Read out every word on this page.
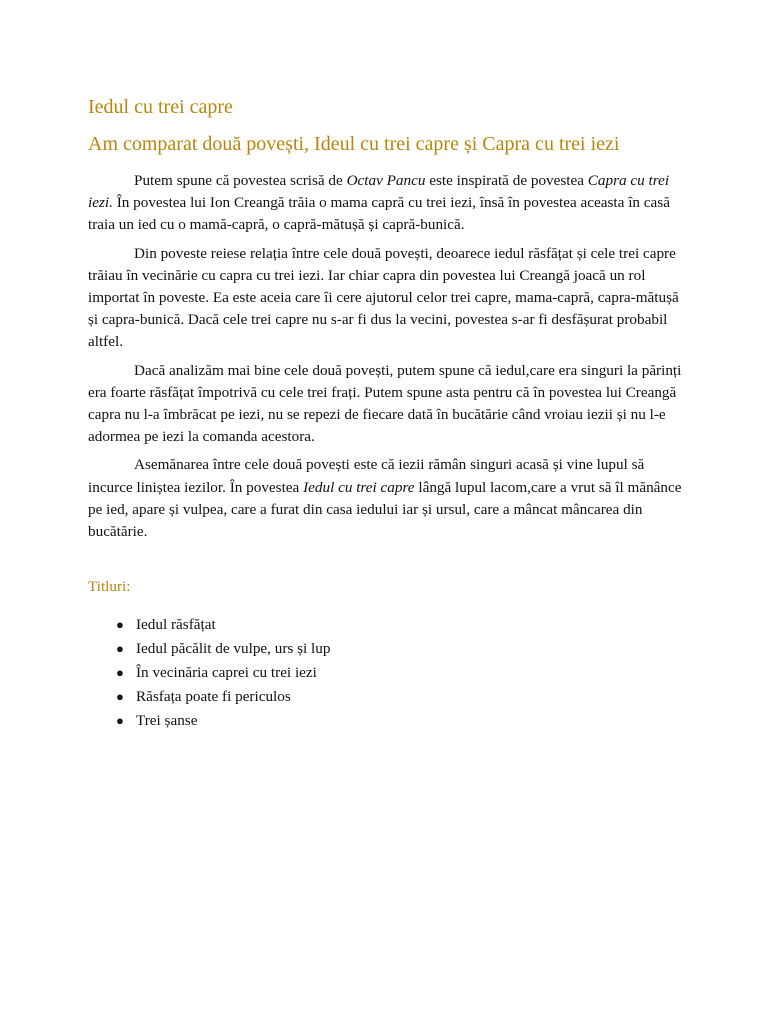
Iedul cu trei capre
Am comparat două povești, Ideul cu trei capre și Capra cu trei iezi

Putem spune că povestea scrisă de Octav Pancu este inspirată de povestea Capra cu trei iezi. În povestea lui Ion Creangă trăia o mama capră cu trei iezi, însă în povestea aceasta în casă traia un ied cu o mamă-capră, o capră-mătușă și capră-bunică.

Din poveste reiese relația între cele două povești, deoarece iedul răsfățat și cele trei capre trăiau în vecinărie cu capra cu trei iezi. Iar chiar capra din povestea lui Creangă joacă un rol importat în poveste. Ea este aceia care îi cere ajutorul celor trei capre, mama-capră, capra-mătușă și capra-bunică. Dacă cele trei capre nu s-ar fi dus la vecini, povestea s-ar fi desfășurat probabil altfel.

Dacă analizăm mai bine cele două povești, putem spune că iedul,care era singuri la părinți era foarte răsfățat împotrivă cu cele trei frați. Putem spune asta pentru că în povestea lui Creangă capra nu l-a îmbrăcat pe iezi, nu se repezi de fiecare dată în bucătărie când vroiau iezii și nu l-e adormea pe iezi la comanda acestora.

Asemănarea între cele două povești este că iezii rămân singuri acasă și vine lupul să incurce liniștea iezilor. În povestea Iedul cu trei capre lângă lupul lacom,care a vrut să îl mănânce pe ied, apare și vulpea, care a furat din casa iedului iar și ursul, care a mâncat mâncarea din bucătărie.

Titluri:
● Iedul răsfățat
● Iedul păcălit de vulpe, urs și lup
● În vecinăria caprei cu trei iezi
● Răsfața poate fi periculos
● Trei șanse
